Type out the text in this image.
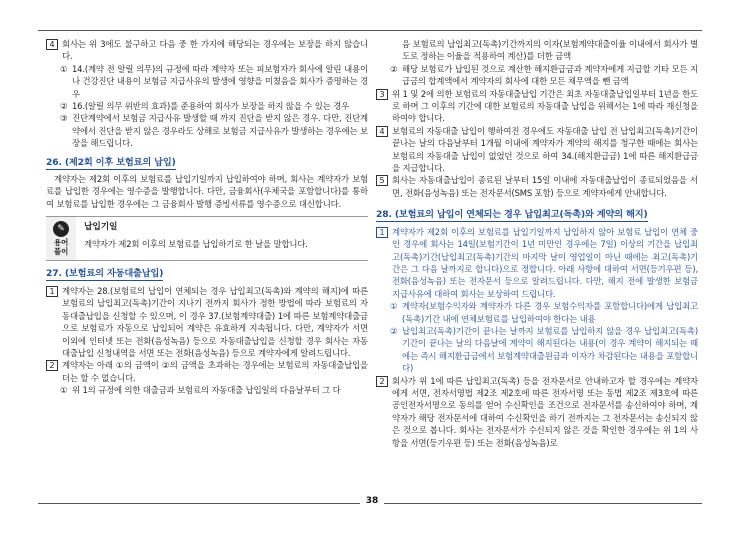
4 회사는 위 3에도 불구하고 다음 중 한 가지에 해당되는 경우에는 보장을 하지 않습니다.
① 14.(계약 전 알릴 의무)의 규정에 따라 계약자 또는 피보험자가 회사에 알린 내용이나 건강진단 내용이 보험금 지급사유의 발생에 영향을 미쳤음을 회사가 증명하는 경우
② 16.(알릴 의무 위반의 효과)를 준용하여 회사가 보장을 하지 않을 수 있는 경우
③ 진단계약에서 보험금 지급사유 발생할 때 까지 진단을 받지 않은 경우. 다만, 진단계약에서 진단을 받지 않은 경우라도 상해로 보험금 지급사유가 발생하는 경우에는 보장을 해드립니다.
26. (제2회 이후 보험료의 납입)
계약자는 제2회 이후의 보험료를 납입기일까지 납입하여야 하며, 회사는 계약자가 보험료를 납입한 경우에는 영수증을 발행합니다. 다만, 금융회사(우체국을 포함합니다)를 통하여 보험료를 납입한 경우에는 그 금융회사 발행 증빙서류를 영수증으로 대신합니다.
✎
용어
풀이
납입기일
계약자가 제2회 이후의 보험료를 납입하기로 한 날을 말합니다.
27. (보험료의 자동대출납입)
1 계약자는 28.(보험료의 납입이 연체되는 경우 납입최고(독촉)와 계약의 해지)에 따른 보험료의 납입최고(독촉)기간이 지나기 전까지 회사가 정한 방법에 따라 보험료의 자동대출납입을 신청할 수 있으며, 이 경우 37.(보험계약대출) 1에 따른 보험계약대출금으로 보험료가 자동으로 납입되어 계약은 유효하게 지속됩니다. 다만, 계약자가 서면 이외에 인터넷 또는 전화(음성녹음) 등으로 자동대출납입을 신청할 경우 회사는 자동대출납입 신청내역을 서면 또는 전화(음성녹음) 등으로 계약자에게 알려드립니다.
2 계약자는 아래 ①의 금액이 ②의 금액을 초과하는 경우에는 보험료의 자동대출납입을 더는 할 수 없습니다.
① 위 1의 규정에 의한 대출금과 보험료의 자동대출 납입일의 다음날부터 그 다
음 보험료의 납입최고(독촉)기간까지의 이자(보험계약대출이율 이내에서 회사가 별도로 정하는 이율을 적용하여 계산)를 더한 금액
② 해당 보험료가 납입된 것으로 계산한 해지환급금과 계약자에게 지급할 기타 모든 지급금의 합계액에서 계약자의 회사에 대한 모든 채무액을 뺀 금액
3 위 1 및 2에 의한 보험료의 자동대출납입 기간은 최초 자동대출납입일부터 1년을 한도로 하며 그 이후의 기간에 대한 보험료의 자동대출 납입을 위해서는 1에 따라 재신청을 하여야 합니다.
4 보험료의 자동대출 납입이 행하여진 경우에도 자동대출 납입 전 납입최고(독촉)기간이 끝나는 날의 다음날부터 1개월 이내에 계약자가 계약의 해지를 청구한 때에는 회사는 보험료의 자동대출 납입이 없었던 것으로 하여 34.(해지환급금) 1에 따른 해지환급금을 지급합니다.
5 회사는 자동대출납입이 종료된 날부터 15일 이내에 자동대출납입이 종료되었음을 서면, 전화(음성녹음) 또는 전자문서(SMS 포함) 등으로 계약자에게 안내합니다.
28. (보험료의 납입이 연체되는 경우 납입최고(독촉)와 계약의 해지)
1 계약자가 제2회 이후의 보험료를 납입기일까지 납입하지 않아 보험료 납입이 연체 중인 경우에 회사는 14일(보험기간이 1년 미만인 경우에는 7일) 이상의 기간을 납입최고(독촉)기간(납입최고(독촉)기간의 마지막 날이 영업일이 아닌 때에는 최고(독촉)기간은 그 다음 날까지로 합니다)으로 정합니다. 아래 사항에 대하여 서면(등기우편 등), 전화(음성녹음) 또는 전자문서 등으로 알려드립니다. 다만, 해지 전에 발생한 보험금 지급사유에 대하여 회사는 보상하여 드립니다.
① 계약자(보험수익자와 계약자가 다른 경우 보험수익자를 포함합니다)에게 납입최고(독촉)기간 내에 연체보험료를 납입하여야 한다는 내용
② 납입최고(독촉)기간이 끝나는 날까지 보험료를 납입하지 않을 경우 납입최고(독촉)기간이 끝나는 날의 다음날에 계약이 해지된다는 내용(이 경우 계약이 해지되는 때에는 즉시 해지환급금에서 보험계약대출원금과 이자가 차감된다는 내용을 포함합니다)
2 회사가 위 1에 따른 납입최고(독촉) 등을 전자문서로 안내하고자 할 경우에는 계약자에게 서면, 전자서명법 제2조 제2호에 따른 전자서명 또는 동법 제2조 제3호에 따른 공인전자서명으로 동의를 얻어 수신확인을 조건으로 전자문서를 송신하여야 하며, 계약자가 해당 전자문서에 대하여 수신확인을 하기 전까지는 그 전자문서는 송신되지 않은 것으로 봅니다. 회사는 전자문서가 수신되지 않은 것을 확인한 경우에는 위 1의 사항을 서면(등기우편 등) 또는 전화(음성녹음)로
38
